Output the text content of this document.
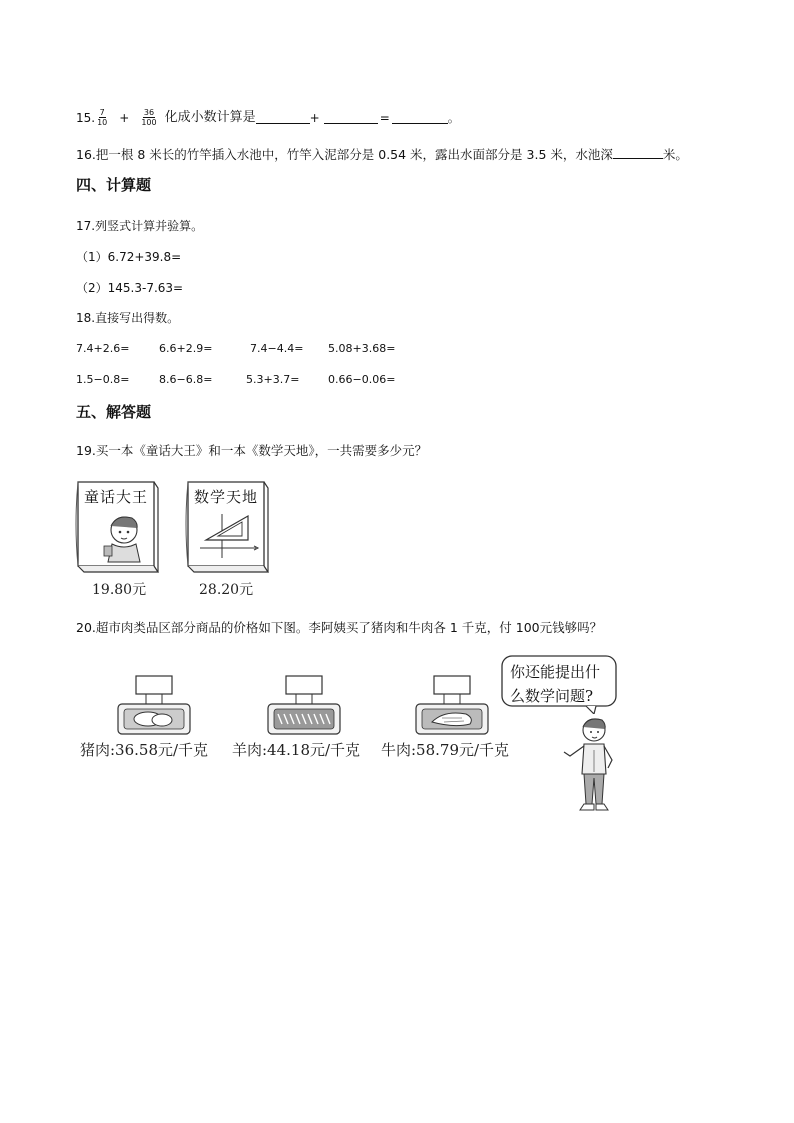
15. $\frac{7}{10} + \frac{36}{100}$ 化成小数计算是	+	=	。
16.把一根 8 米长的竹竿插入水池中，竹竿入泥部分是 0.54 米，露出水面部分是 3.5 米，水池深	米。
四、计算题
17.列竖式计算并验算。
（1）6.72+39.8=
（2）145.3-7.63=
18.直接写出得数。
7.4+2.6=	6.6+2.9=	7.4−4.4= 5.08+3.68=
1.5−0.8=	8.6−6.8=	5.3+3.7=	0.66−0.06=
五、解答题
19.买一本《童话大王》和一本《数学天地》，一共需要多少元？
童话大王
19.80元
数学天地
28.20元
20.超市肉类品区部分商品的价格如下图。李阿姨买了猪肉和牛肉各 1 千克，付 100元钱够吗？
猪肉:36.58元/千克 羊肉:44.18元/千克 牛肉:58.79元/千克
你还能提出什
么数学问题?
